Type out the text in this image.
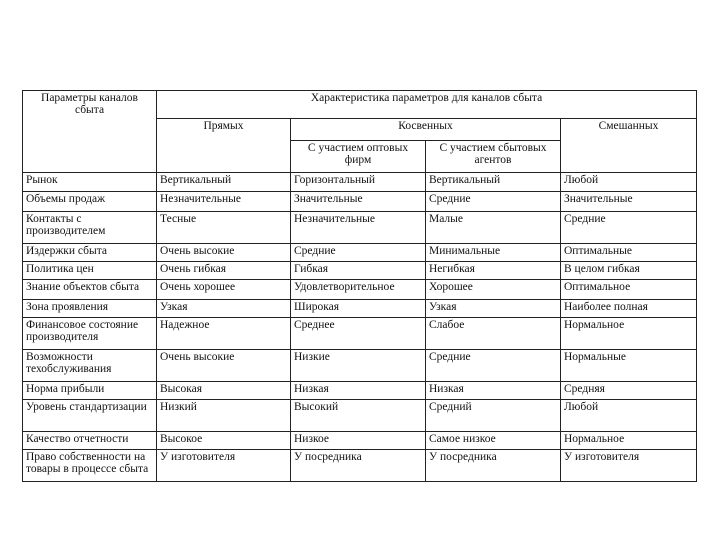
Параметры каналов сбыта	Характеристика параметров для каналов сбыта			
	Прямых	Косвенных		Смешанных
		С участием оптовых фирм	С участием сбытовых агентов	
Рынок	Вертикальный	Горизонтальный	Вертикальный	Любой
Объемы продаж	Незначительные	Значительные	Средние	Значительные
Контакты с производителем	Тесные	Незначительные	Малые	Средние
Издержки сбыта	Очень высокие	Средние	Минимальные	Оптимальные
Политика цен	Очень гибкая	Гибкая	Негибкая	В целом гибкая
Знание объектов сбыта	Очень хорошее	Удовлетворительное	Хорошее	Оптимальное
Зона проявления	Узкая	Широкая	Узкая	Наиболее полная
Финансовое состояние производителя	Надежное	Среднее	Слабое	Нормальное
Возможности техобслуживания	Очень высокие	Низкие	Средние	Нормальные
Норма прибыли	Высокая	Низкая	Низкая	Средняя
Уровень стандартизации	Низкий	Высокий	Средний	Любой
Качество отчетности	Высокое	Низкое	Самое низкое	Нормальное
Право собственности на товары в процессе сбыта	У изготовителя	У посредника	У посредника	У изготовителя
